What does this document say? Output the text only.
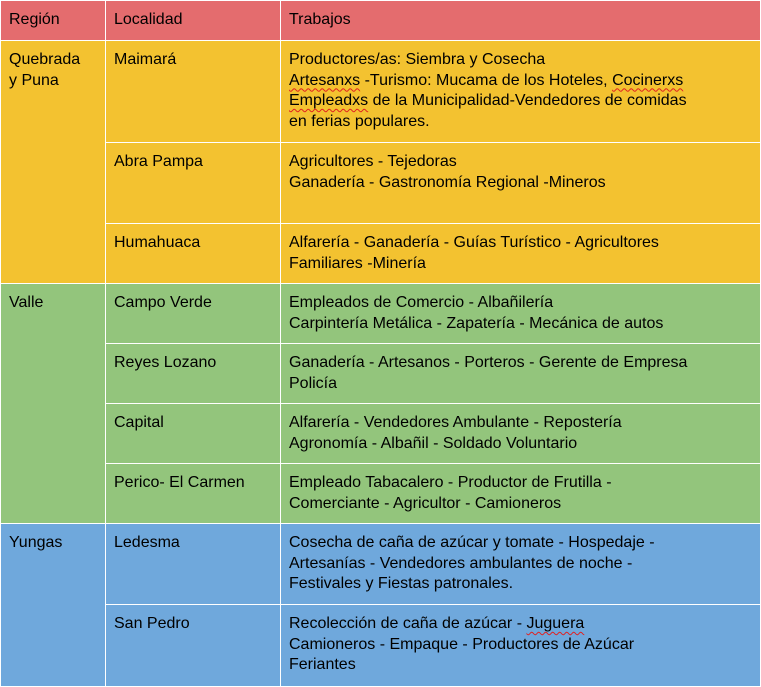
Región	Localidad	Trabajos

Quebrada
y Puna	Maimará	Productores/as: Siembra y Cosecha
Artesanxs -Turismo: Mucama de los Hoteles, Cocinerxs
Empleadxs de la Municipalidad-Vendedores de comidas
en ferias populares.

	Abra Pampa	Agricultores - Tejedoras
Ganadería - Gastronomía Regional -Mineros

	Humahuaca	Alfarería - Ganadería - Guías Turístico - Agricultores
Familiares -Minería

Valle	Campo Verde	Empleados de Comercio - Albañilería
Carpintería Metálica - Zapatería - Mecánica de autos

	Reyes Lozano	Ganadería - Artesanos - Porteros - Gerente de Empresa
Policía

	Capital	Alfarería - Vendedores Ambulante - Repostería
Agronomía - Albañil - Soldado Voluntario

	Perico- El Carmen	Empleado Tabacalero - Productor de Frutilla -
Comerciante - Agricultor - Camioneros

Yungas	Ledesma	Cosecha de caña de azúcar y tomate - Hospedaje -
Artesanías - Vendedores ambulantes de noche -
Festivales y Fiestas patronales.

	San Pedro	Recolección de caña de azúcar - Juguera
Camioneros - Empaque - Productores de Azúcar
Feriantes
